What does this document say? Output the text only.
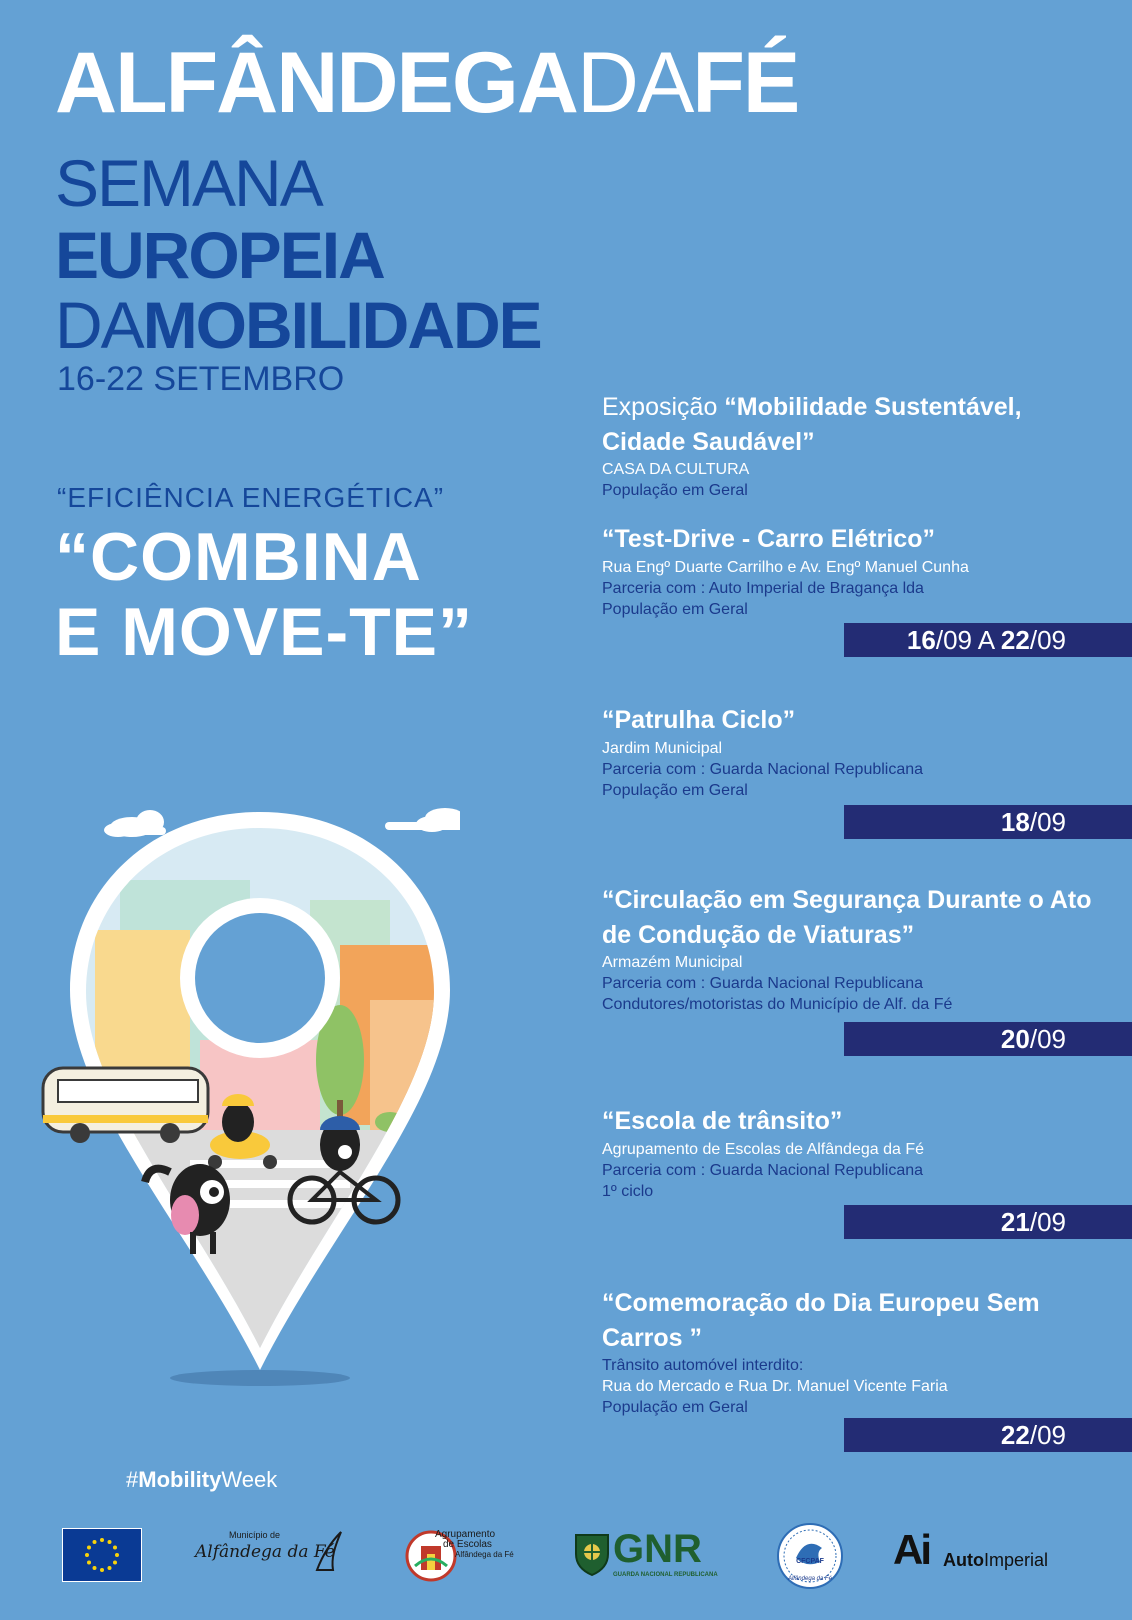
ALFÂNDEGADAFÉ
SEMANA
EUROPEIA
DAMOBILIDADE
16-22 SETEMBRO
“EFICIÊNCIA ENERGÉTICA”
“COMBINA
E MOVE-TE”
Exposição “Mobilidade Sustentável, Cidade Saudável”
CASA DA CULTURA
População em Geral
“Test-Drive - Carro Elétrico”
Rua Engº Duarte Carrilho e Av. Engº Manuel Cunha
Parceria com : Auto Imperial de Bragança lda
População em Geral
16/09 A 22/09
“Patrulha Ciclo”
Jardim Municipal
Parceria com : Guarda Nacional Republicana
População em Geral
18/09
“Circulação em Segurança Durante o Ato de Condução de Viaturas”
Armazém Municipal
Parceria com : Guarda Nacional Republicana
Condutores/motoristas do Município de Alf. da Fé
20/09
“Escola de trânsito”
Agrupamento de Escolas de Alfândega da Fé
Parceria com : Guarda Nacional Republicana
1º ciclo
21/09
“Comemoração do Dia Europeu Sem Carros ”
Trânsito automóvel interdito:
Rua do Mercado e Rua Dr. Manuel Vicente Faria
População em Geral
22/09
#MobilityWeek
Município de
Alfândega da Fé
Agrupamento
de Escolas
Alfândega da Fé GNR
GUARDA NACIONAL REPUBLICANA
CFCPAF
Alfândega da Fé
Ai AutoImperial
